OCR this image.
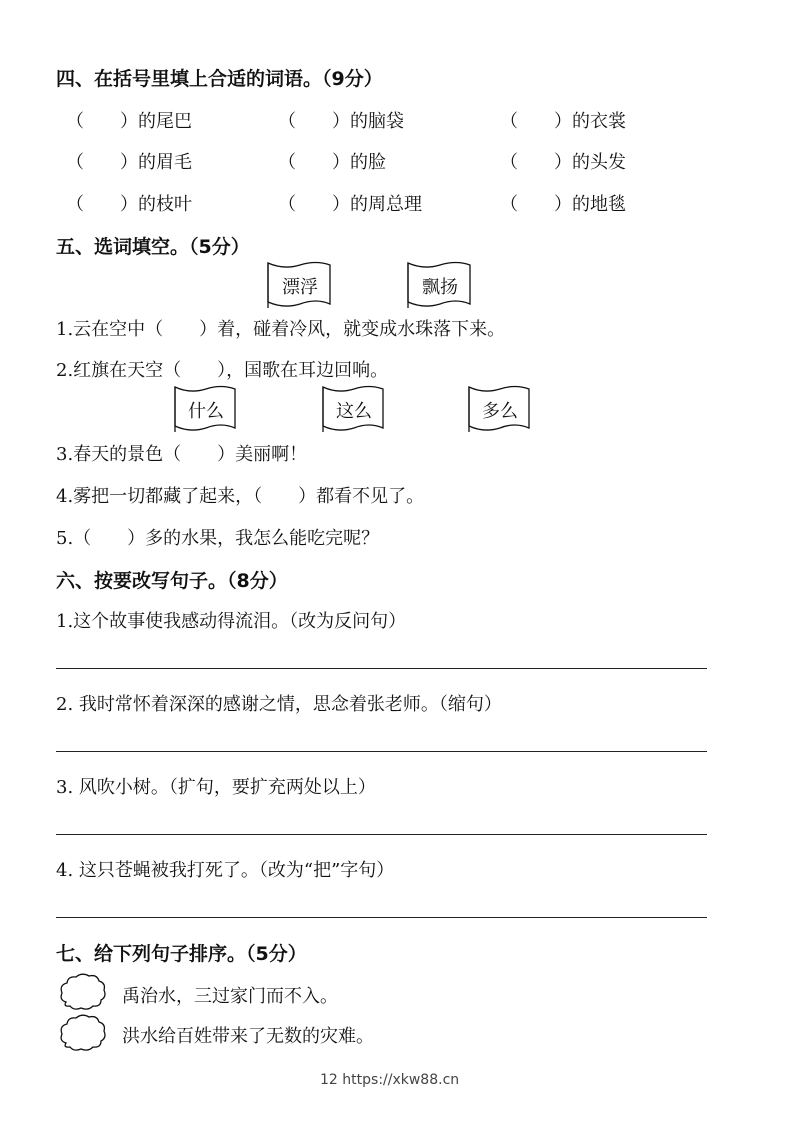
四、在括号里填上合适的词语。（9分）
（　　）的尾巴	（　　）的脑袋	（　　）的衣裳
（　　）的眉毛	（　　）的脸	（　　）的头发
（　　）的枝叶	（　　）的周总理	（　　）的地毯
五、选词填空。（5分）
漂浮	飘扬
1.云在空中（　　）着，碰着冷风，就变成水珠落下来。
2.红旗在天空（　　），国歌在耳边回响。
什么	这么	多么
3.春天的景色（　　）美丽啊！
4.雾把一切都藏了起来，（　　）都看不见了。
5.（　　）多的水果，我怎么能吃完呢？
六、按要改写句子。（8分）
1.这个故事使我感动得流泪。（改为反问句）
2. 我时常怀着深深的感谢之情，思念着张老师。（缩句）
3. 风吹小树。（扩句，要扩充两处以上）
4. 这只苍蝇被我打死了。（改为“把”字句）
七、给下列句子排序。（5分）
禹治水，三过家门而不入。
洪水给百姓带来了无数的灾难。
12 https://xkw88.cn
